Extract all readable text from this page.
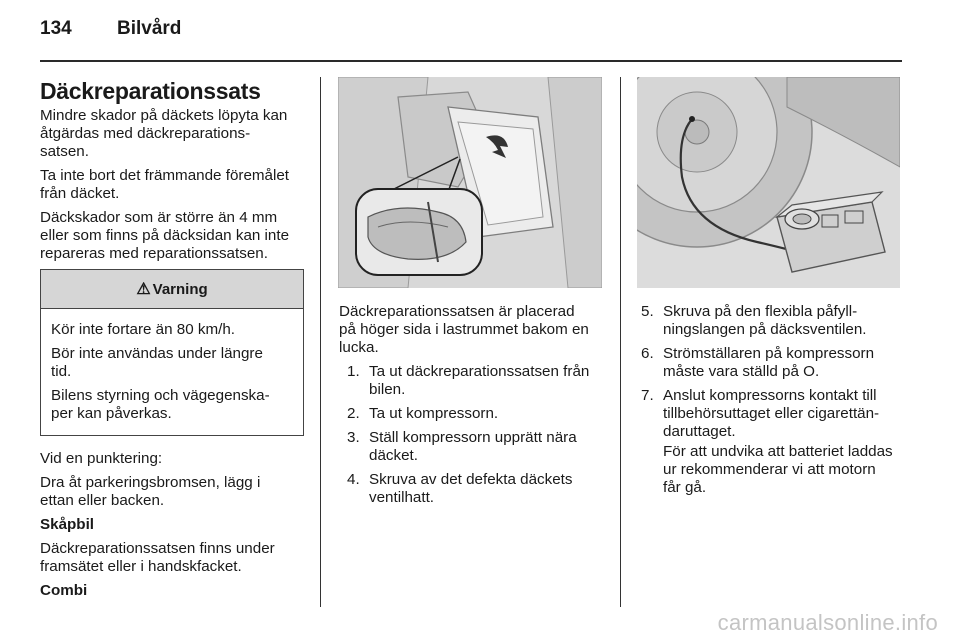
134 Bilvård
Däckreparationssats
Mindre skador på däckets löpyta kan
åtgärdas med däckreparations-
satsen.
Ta inte bort det främmande föremålet
från däcket.
Däckskador som är större än 4 mm
eller som finns på däcksidan kan inte
repareras med reparationssatsen.
⚠ Varning
Kör inte fortare än 80 km/h.
Bör inte användas under längre
tid.
Bilens styrning och vägegenska-
per kan påverkas.
Vid en punktering:
Dra åt parkeringsbromsen, lägg i
ettan eller backen.
Skåpbil
Däckreparationssatsen finns under
framsätet eller i handskfacket.
Combi
Däckreparationssatsen är placerad
på höger sida i lastrummet bakom en
lucka.
1. Ta ut däckreparationssatsen från
bilen.
2. Ta ut kompressorn.
3. Ställ kompressorn upprätt nära
däcket.
4. Skruva av det defekta däckets
ventilhatt.
5. Skruva på den flexibla påfyll-
ningslangen på däcksventilen.
6. Strömställaren på kompressorn
måste vara ställd på O.
7. Anslut kompressorns kontakt till
tillbehörsuttaget eller cigarettän-
daruttaget.
För att undvika att batteriet laddas
ur rekommenderar vi att motorn
får gå.
carmanualsonline.info
